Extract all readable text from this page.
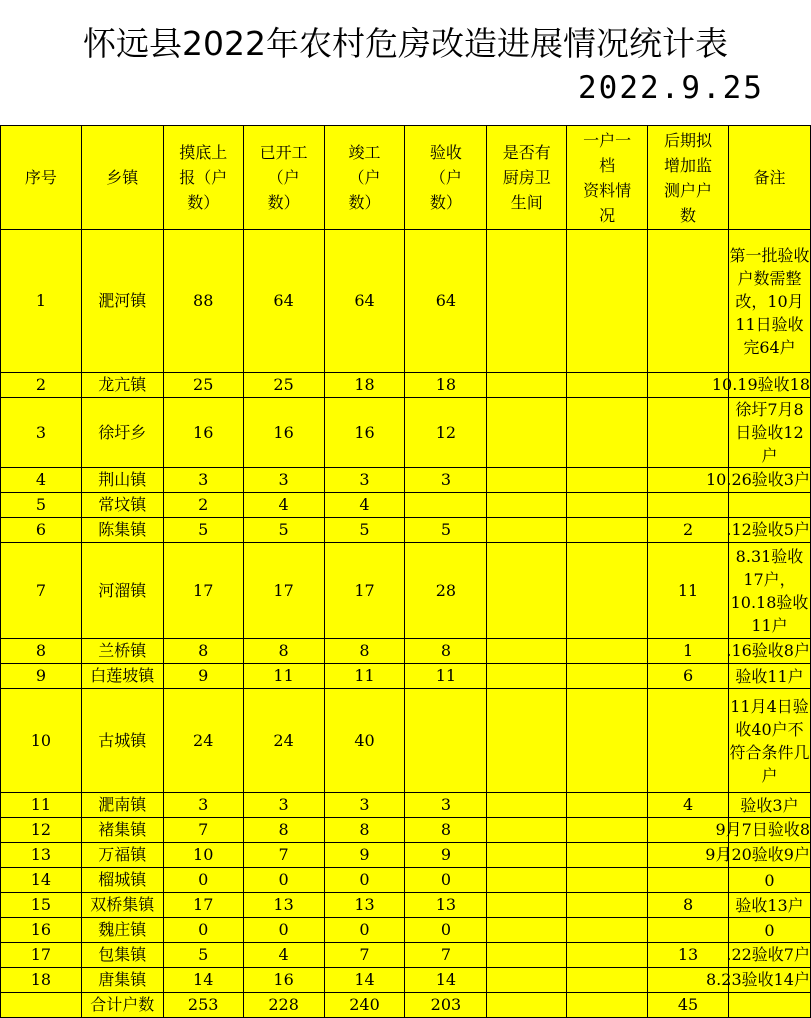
怀远县2022年农村危房改造进展情况统计表
2022.9.25
序号	乡镇	摸底上
报（户
数）	已开工
（户
数）	竣工
（户
数）	验收
（户
数）	是否有
厨房卫
生间	一户一
档
资料情
况	后期拟
增加监
测户户
数	备注
1	淝河镇	88	64	64	64				第一批验收户数需整改，10月11日验收完64户
2	龙亢镇	25	25	18	18				10.19验收18

3	徐圩乡	16	16	16	12				徐圩7月8日验收12户
4	荆山镇	3	3	3	3				10.26验收3户

5	常坟镇	2	4	4					
6	陈集镇	5	5	5	5			2	.12验收5户

7	河溜镇	17	17	17	28			11	8.31验收17户，10.18验收11户
8	兰桥镇	8	8	8	8			1	.16验收8户

9	白莲坡镇	9	11	11	11			6	验收11户
10	古城镇	24	24	40					11月4日验收40户不符合条件几户
11	淝南镇	3	3	3	3			4	验收3户
12	褚集镇	7	8	8	8				9月7日验收8

13	万福镇	10	7	9	9				9月20验收9户

14	榴城镇	0	0	0	0				0
15	双桥集镇	17	13	13	13			8	验收13户
16	魏庄镇	0	0	0	0				0
17	包集镇	5	4	7	7			13	.22验收7户

18	唐集镇	14	16	14	14				8.23验收14户

	合计户数	253	228	240	203			45	
